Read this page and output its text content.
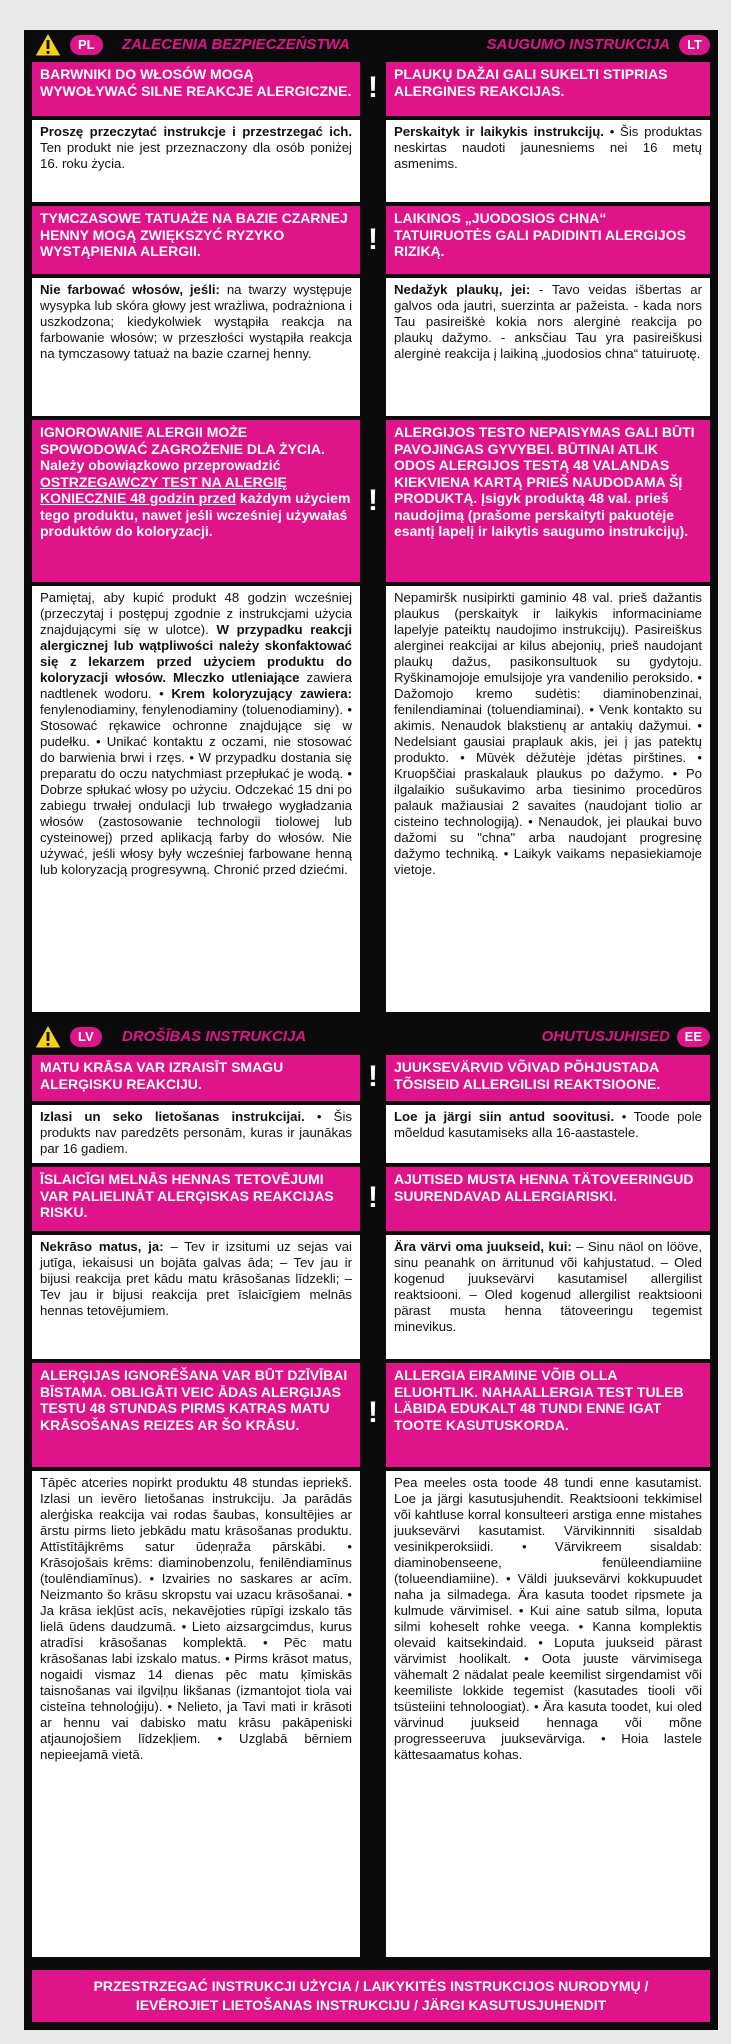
PL	ZALECENIA BEZPIECZEŃSTWA	SAUGUMO INSTRUKCIJA	LT
BARWNIKI DO WŁOSÓW MOGĄ WYWOŁYWAĆ SILNE REAKCJE ALERGICZNE. !	PLAUKŲ DAŽAI GALI SUKELTI STIPRIAS ALERGINES REAKCIJAS.
Proszę przeczytać instrukcje i przestrzegać ich. Ten produkt nie jest przeznaczony dla osób poniżej 16. roku życia.
Perskaityk ir laikykis instrukcijų. • Šis produktas neskirtas naudoti jaunesniems nei 16 metų asmenims.
TYMCZASOWE TATUAŻE NA BAZIE CZARNEJ HENNY MOGĄ ZWIĘKSZYĆ RYZYKO WYSTĄPIENIA ALERGII.	!
LAIKINOS „JUODOSIOS CHNA“ TATUIRUOTĖS GALI PADIDINTI ALERGIJOS RIZIKĄ.
Nie farbować włosów, jeśli: na twarzy występuje wysypka lub skóra głowy jest wrażliwa, podrażniona i uszkodzona; kiedykolwiek wystąpiła reakcja na farbowanie włosów; w przeszłości wystąpiła reakcja na tymczasowy tatuaż na bazie czarnej henny.
Nedažyk plaukų, jei: - Tavo veidas išbertas ar galvos oda jautri, suerzinta ar pažeista. - kada nors Tau pasireiškė kokia nors alerginė reakcija po plaukų dažymo. - anksčiau Tau yra pasireiškusi alerginė reakcija į laikiną „juodosios chna“ tatuiruotę.
IGNOROWANIE ALERGII MOŻE SPOWODOWAĆ ZAGROŻENIE DLA ŻYCIA. Należy obowiązkowo przeprowadzić OSTRZEGAWCZY TEST NA ALERGIĘ KONIECZNIE 48 godzin przed każdym użyciem tego produktu, nawet jeśli wcześniej używałaś produktów do koloryzacji.
!
ALERGIJOS TESTO NEPAISYMAS GALI BŪTI PAVOJINGAS GYVYBEI. BŪTINAI ATLIK ODOS ALERGIJOS TESTĄ 48 VALANDAS KIEKVIENA KARTĄ PRIEŠ NAUDODAMA ŠĮ PRODUKTĄ. Įsigyk produktą 48 val. prieš naudojimą (prašome perskaityti pakuotėje esantį lapelį ir laikytis saugumo instrukcijų).
Pamiętaj, aby kupić produkt 48 godzin wcześniej (przeczytaj i postępuj zgodnie z instrukcjami użycia znajdującymi się w ulotce). W przypadku reakcji alergicznej lub wątpliwości należy skonfaktować się z lekarzem przed użyciem produktu do koloryzacji włosów. Mleczko utleniające zawiera nadtlenek wodoru. • Krem koloryzujący zawiera: fenylenodiaminy, fenylenodiaminy (toluenodiaminy). • Stosować rękawice ochronne znajdujące się w pudełku. • Unikać kontaktu z oczami, nie stosować do barwienia brwi i rzęs. • W przypadku dostania się preparatu do oczu natychmiast przepłukać je wodą. • Dobrze spłukać włosy po użyciu. Odczekać 15 dni po zabiegu trwałej ondulacji lub trwałego wygładzania włosów (zastosowanie technologii tiolowej lub cysteinowej) przed aplikacją farby do włosów. Nie używać, jeśli włosy były wcześniej farbowane henną lub koloryzacją progresywną. Chronić przed dziećmi.
Nepamiršk nusipirkti gaminio 48 val. prieš dažantis plaukus (perskaityk ir laikykis informaciniame lapelyje pateiktų naudojimo instrukcijų). Pasireiškus alerginei reakcijai ar kilus abejonių, prieš naudojant plaukų dažus, pasikonsultuok su gydytoju. Ryškinamojoje emulsijoje yra vandenilio peroksido. • Dažomojo kremo sudėtis: diaminobenzinai, fenilendiaminai (toluendiaminai). • Venk kontakto su akimis. Nenaudok blakstienų ar antakių dažymui. • Nedelsiant gausiai praplauk akis, jei į jas patektų produkto. • Mūvėk dėžutėje įdėtas pirštines. • Kruopščiai praskalauk plaukus po dažymo. • Po ilgalaikio sušukavimo arba tiesinimo procedūros palauk mažiausiai 2 savaites (naudojant tiolio ar cisteino technologiją). • Nenaudok, jei plaukai buvo dažomi su "chna" arba naudojant progresinę dažymo techniką. • Laikyk vaikams nepasiekiamoje vietoje.
LV	DROŠĪBAS INSTRUKCIJA	OHUTUSJUHISED	EE
MATU KRĀSA VAR IZRAISĪT SMAGU ALERĢISKU REAKCIJU.	!	JUUKSEVÄRVID VÕIVAD PÕHJUSTADA TÕSISEID ALLERGILISI REAKTSIOONE.
Izlasi un seko lietošanas instrukcijai. • Šis produkts nav paredzēts personām, kuras ir jaunākas par 16 gadiem.
Loe ja järgi siin antud soovitusi. • Toode pole mõeldud kasutamiseks alla 16-aastastele.
ĪSLAICĪGI MELNĀS HENNAS TETOVĒJUMI VAR PALIELINĀT ALERĢISKAS REAKCIJAS RISKU.	!
AJUTISED MUSTA HENNA TÄTOVEERINGUD SUURENDAVAD ALLERGIARISKI.
Nekrāso matus, ja: – Tev ir izsitumi uz sejas vai jutīga, iekaisusi un bojāta galvas āda; – Tev jau ir bijusi reakcija pret kādu matu krāsošanas līdzekli; – Tev jau ir bijusi reakcija pret īslaicīgiem melnās hennas tetovējumiem.
Ära värvi oma juukseid, kui: – Sinu näol on lööve, sinu peanahk on ärritunud või kahjustatud. – Oled kogenud juuksevärvi kasutamisel allergilist reaktsiooni. – Oled kogenud allergilist reaktsiooni pärast musta henna tätoveeringu tegemist minevikus.
ALERĢIJAS IGNORĒŠANA VAR BŪT DZĪVĪBAI BĪSTAMA. OBLIGĀTI VEIC ĀDAS ALERĢIJAS TESTU 48 STUNDAS PIRMS KATRAS MATU KRĀSOŠANAS REIZES AR ŠO KRĀSU.	!
ALLERGIA EIRAMINE VÕIB OLLA ELUOHTLIK. NAHAALLERGIA TEST TULEB LÄBIDA EDUKALT 48 TUNDI ENNE IGAT TOOTE KASUTUSKORDA.
Tāpēc atceries nopirkt produktu 48 stundas iepriekš. Izlasi un ievēro lietošanas instrukciju. Ja parādās alerģiska reakcija vai rodas šaubas, konsultējies ar ārstu pirms lieto jebkādu matu krāsošanas produktu. Attīstītājkrēms satur ūdeņraža pārskābi. • Krāsojošais krēms: diaminobenzolu, fenilēndiamīnus (toulēndiamīnus). • Izvairies no saskares ar acīm. Neizmanto šo krāsu skropstu vai uzacu krāsošanai. • Ja krāsa iekļūst acīs, nekavējoties rūpīgi izskalo tās lielā ūdens daudzumā. • Lieto aizsargcimdus, kurus atradīsi krāsošanas komplektā. • Pēc matu krāsošanas labi izskalo matus. • Pirms krāsot matus, nogaidi vismaz 14 dienas pēc matu ķīmiskās taisnošanas vai ilgviļņu likšanas (izmantojot tiola vai cisteīna tehnoloģiju). • Nelieto, ja Tavi mati ir krāsoti ar hennu vai dabisko matu krāsu pakāpeniski atjaunojošiem līdzekļiem. • Uzglabā bērniem nepieejamā vietā.
Pea meeles osta toode 48 tundi enne kasutamist. Loe ja järgi kasutusjuhendit. Reaktsiooni tekkimisel või kahtluse korral konsulteeri arstiga enne mistahes juuksevärvi kasutamist. Värvikinnniti sisaldab vesinikperoksiidi. • Värvikreem sisaldab: diaminobenseene, fenüleendiamiine (tolueendiamiine). • Väldi juuksevärvi kokkupuudet naha ja silmadega. Ära kasuta toodet ripsmete ja kulmude värvimisel. • Kui aine satub silma, loputa silmi koheselt rohke veega. • Kanna komplektis olevaid kaitsekindaid. • Loputa juukseid pärast värvimist hoolikalt. • Oota juuste värvimisega vähemalt 2 nädalat peale keemilist sirgendamist või keemiliste lokkide tegemist (kasutades tiooli või tsüsteiini tehnoloogiat). • Ära kasuta toodet, kui oled värvinud juukseid hennaga või mõne progresseeruva juuksevärviga. • Hoia lastele kättesaamatus kohas.
PRZESTRZEGAĆ INSTRUKCJI UŻYCIA / LAIKYKITĖS INSTRUKCIJOS NURODYMŲ /
IEVĒROJIET LIETOŠANAS INSTRUKCIJU / JÄRGI KASUTUSJUHENDIT
